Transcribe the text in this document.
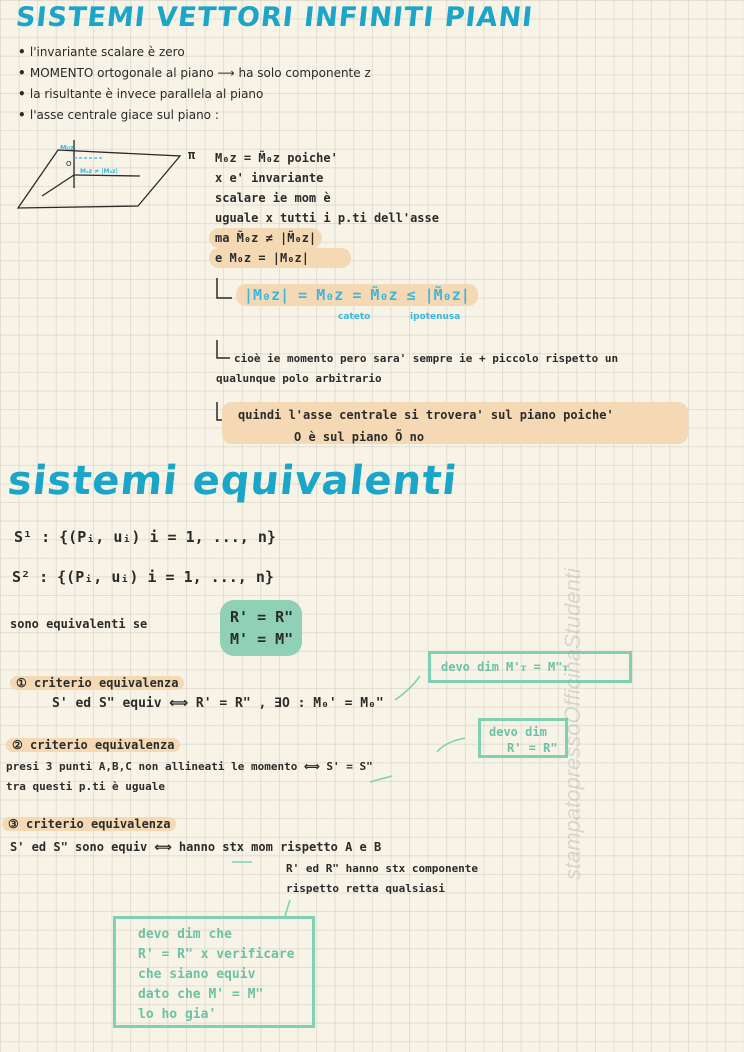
SISTEMI VETTORI INFINITI PIANI
• l'invariante scalare è zero
• MOMENTO ortogonale al piano ⟶ ha solo componente z
• la risultante è invece parallela al piano
• l'asse centrale giace sul piano :
M₀z
O
M₀z ≠ |M₀z|
π M₀z = M̃₀z poiche'
x e' invariante
scalare ie mom è
uguale x tutti i p.ti dell'asse
ma M̃₀z ≠ |M̃₀z|
e M₀z = |M₀z|
|M₀z| = M₀z = M̃₀z ≤ |M̃₀z|
cateto	ipotenusa
cioè ie momento pero sara' sempre ie + piccolo rispetto un
qualunque polo arbitrario
quindi l'asse centrale si trovera' sul piano poiche'
O è sul piano Õ no
sistemi equivalenti
S¹ : {(Pᵢ, uᵢ) i = 1, ..., n}
S² : {(Pᵢ, uᵢ) i = 1, ..., n}
sono equivalenti se	R' = R"
M' = M"
devo dim M'ᴛ = M"ᴛ
① criterio equivalenza
S' ed S" equiv ⟺ R' = R" , ∃O : M₀' = M₀"
devo dim
R' = R"
② criterio equivalenza
presi 3 punti A,B,C non allineati le momento ⟺ S' = S"
tra questi p.ti è uguale
③ criterio equivalenza
S' ed S" sono equiv ⟺ hanno stx mom rispetto A e B
R' ed R" hanno stx componente
rispetto retta qualsiasi
devo dim che
R' = R" x verificare
che siano equiv
dato che M' = M"
lo ho gia'
stampatopressoOfficinaStudenti
